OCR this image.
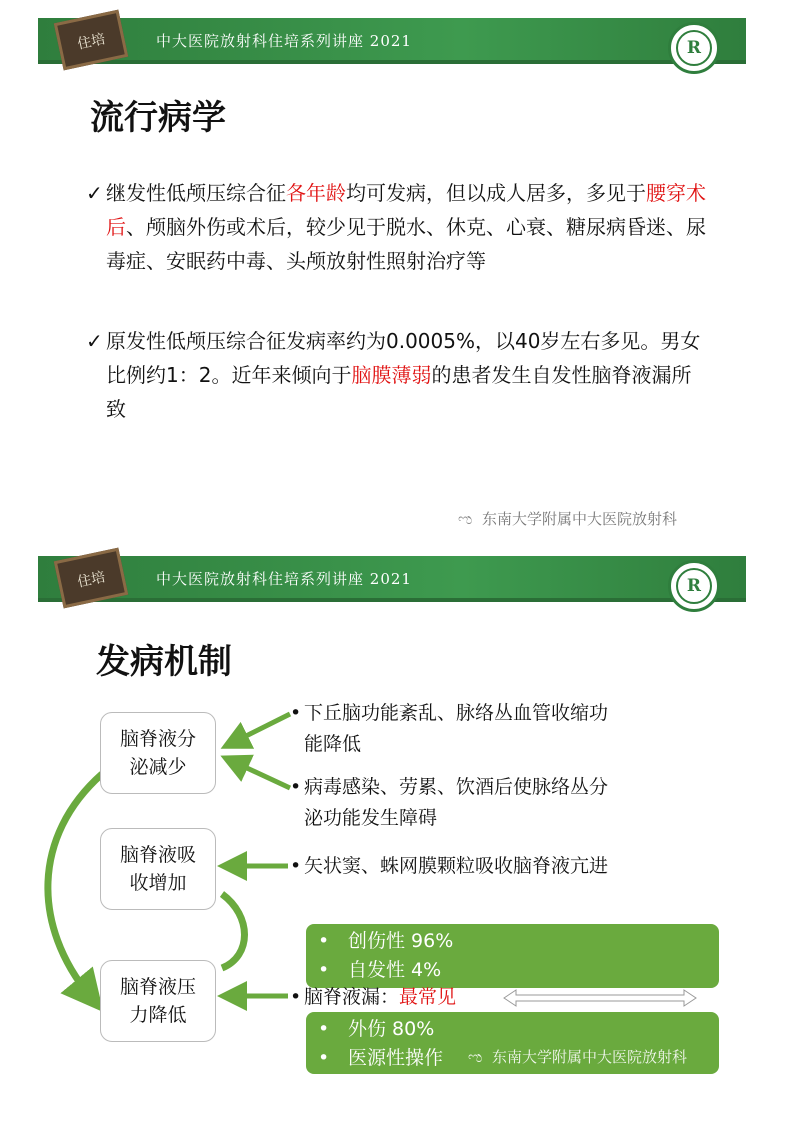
住培	中大医院放射科住培系列讲座 2021	R
流行病学
✓ 继发性低颅压综合征各年龄均可发病，但以成人居多，多见于腰穿术后、颅脑外伤或术后，较少见于脱水、休克、心衰、糖尿病昏迷、尿毒症、安眠药中毒、头颅放射性照射治疗等
✓ 原发性低颅压综合征发病率约为0.0005%，以40岁左右多见。男女比例约1：2。近年来倾向于脑膜薄弱的患者发生自发性脑脊液漏所致
ಌ 东南大学附属中大医院放射科
住培	中大医院放射科住培系列讲座 2021	R
发病机制
脑脊液分
泌减少
脑脊液吸
收增加
脑脊液压
力降低
• 下丘脑功能紊乱、脉络丛血管收缩功
能降低
• 病毒感染、劳累、饮酒后使脉络丛分
泌功能发生障碍
• 矢状窦、蛛网膜颗粒吸收脑脊液亢进
• 创伤性 96%
• 自发性 4%
• 脑脊液漏：最常见
• 外伤 80%
• 医源性操作	ಌ 东南大学附属中大医院放射科
